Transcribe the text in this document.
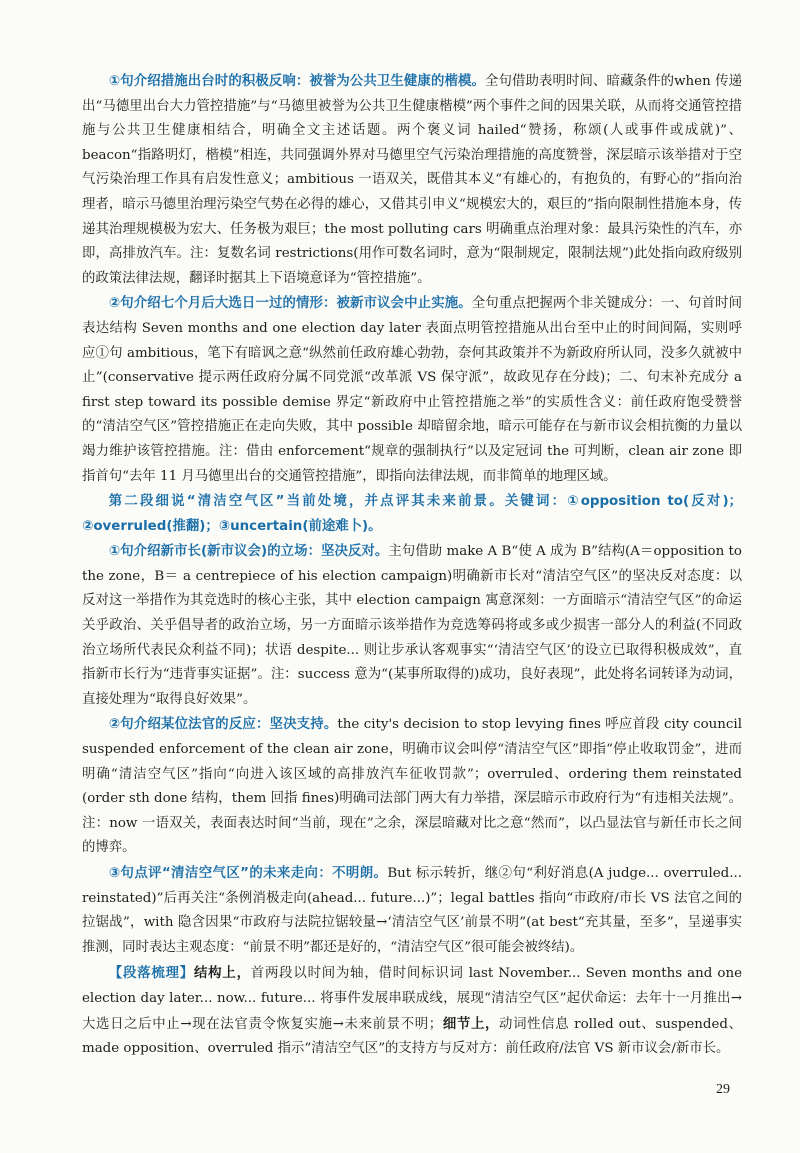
①句介绍措施出台时的积极反响：被誉为公共卫生健康的楷模。全句借助表明时间、暗藏条件的when 传递出“马德里出台大力管控措施”与“马德里被誉为公共卫生健康楷模”两个事件之间的因果关联，从而将交通管控措施与公共卫生健康相结合，明确全文主述话题。两个褒义词 hailed“赞扬，称颂(人或事件或成就)”、beacon“指路明灯，楷模”相连，共同强调外界对马德里空气污染治理措施的高度赞誉，深层暗示该举措对于空气污染治理工作具有启发性意义；ambitious 一语双关，既借其本义“有雄心的，有抱负的，有野心的”指向治理者，暗示马德里治理污染空气势在必得的雄心，又借其引申义“规模宏大的，艰巨的”指向限制性措施本身，传递其治理规模极为宏大、任务极为艰巨；the most polluting cars 明确重点治理对象：最具污染性的汽车，亦即，高排放汽车。注：复数名词 restrictions(用作可数名词时，意为“限制规定，限制法规”)此处指向政府级别的政策法律法规，翻译时据其上下语境意译为“管控措施”。

②句介绍七个月后大选日一过的情形：被新市议会中止实施。全句重点把握两个非关键成分：一、句首时间表达结构 Seven months and one election day later 表面点明管控措施从出台至中止的时间间隔，实则呼应①句 ambitious，笔下有暗讽之意“纵然前任政府雄心勃勃，奈何其政策并不为新政府所认同，没多久就被中止”(conservative 提示两任政府分属不同党派“改革派 VS 保守派”，故政见存在分歧)；二、句末补充成分 a first step toward its possible demise 界定“新政府中止管控措施之举”的实质性含义：前任政府饱受赞誉的“清洁空气区”管控措施正在走向失败，其中 possible 却暗留余地，暗示可能存在与新市议会相抗衡的力量以竭力维护该管控措施。注：借由 enforcement“规章的强制执行”以及定冠词 the 可判断，clean air zone 即指首句“去年 11 月马德里出台的交通管控措施”，即指向法律法规，而非简单的地理区域。

第二段细说“清洁空气区”当前处境，并点评其未来前景。关键词：①opposition to(反对)；②overruled(推翻)；③uncertain(前途难卜)。

①句介绍新市长(新市议会)的立场：坚决反对。主句借助 make A B“使 A 成为 B”结构(A＝opposition to the zone，B＝ a centrepiece of his election campaign)明确新市长对“清洁空气区”的坚决反对态度：以反对这一举措作为其竞选时的核心主张，其中 election campaign 寓意深刻：一方面暗示“清洁空气区”的命运关乎政治、关乎倡导者的政治立场，另一方面暗示该举措作为竞选筹码将或多或少损害一部分人的利益(不同政治立场所代表民众利益不同)；状语 despite... 则让步承认客观事实“‘清洁空气区’的设立已取得积极成效”，直指新市长行为“违背事实证据”。注：success 意为“(某事所取得的)成功，良好表现”，此处将名词转译为动词，直接处理为“取得良好效果”。

②句介绍某位法官的反应：坚决支持。the city's decision to stop levying fines 呼应首段 city council suspended enforcement of the clean air zone，明确市议会叫停“清洁空气区”即指“停止收取罚金”，进而明确“清洁空气区”指向“向进入该区域的高排放汽车征收罚款”；overruled、ordering them reinstated (order sth done 结构，them 回指 fines)明确司法部门两大有力举措，深层暗示市政府行为“有违相关法规”。注：now 一语双关，表面表达时间“当前，现在”之余，深层暗藏对比之意“然而”，以凸显法官与新任市长之间的博弈。

③句点评“清洁空气区”的未来走向：不明朗。But 标示转折，继②句“利好消息(A judge... overruled... reinstated)”后再关注“条例消极走向(ahead... future...)”；legal battles 指向“市政府/市长 VS 法官之间的拉锯战”，with 隐含因果“市政府与法院拉锯较量→‘清洁空气区’前景不明”(at best“充其量，至多”，呈递事实推测，同时表达主观态度：“前景不明”都还是好的，“清洁空气区”很可能会被终结)。

【段落梳理】结构上，首两段以时间为轴，借时间标识词 last November... Seven months and one election day later... now... future... 将事件发展串联成线，展现“清洁空气区”起伏命运：去年十一月推出→大选日之后中止→现在法官责令恢复实施→未来前景不明；细节上，动词性信息 rolled out、suspended、made opposition、overruled 指示“清洁空气区”的支持方与反对方：前任政府/法官 VS 新市议会/新市长。

29
